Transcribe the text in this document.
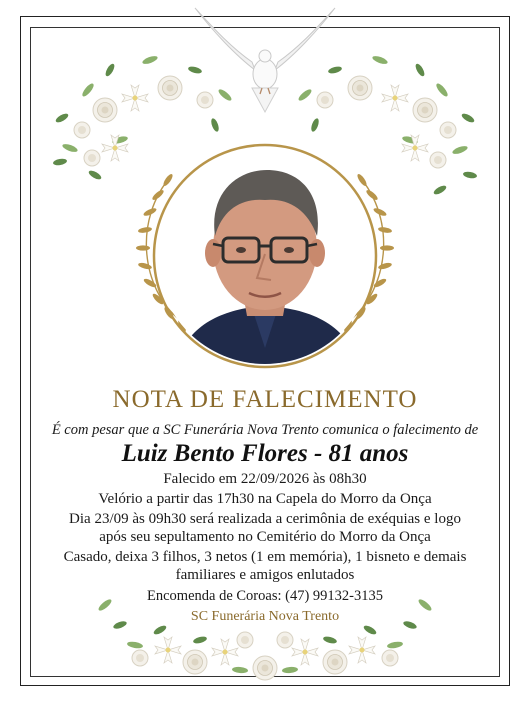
NOTA DE FALECIMENTO
É com pesar que a SC Funerária Nova Trento comunica o falecimento de
Luiz Bento Flores - 81 anos
Falecido em 22/09/2026 às 08h30
Velório a partir das 17h30 na Capela do Morro da Onça
Dia 23/09 às 09h30 será realizada a cerimônia de exéquias e logo
após seu sepultamento no Cemitério do Morro da Onça
Casado, deixa 3 filhos, 3 netos (1 em memória), 1 bisneto e demais
familiares e amigos enlutados
Encomenda de Coroas: (47) 99132-3135
SC Funerária Nova Trento
